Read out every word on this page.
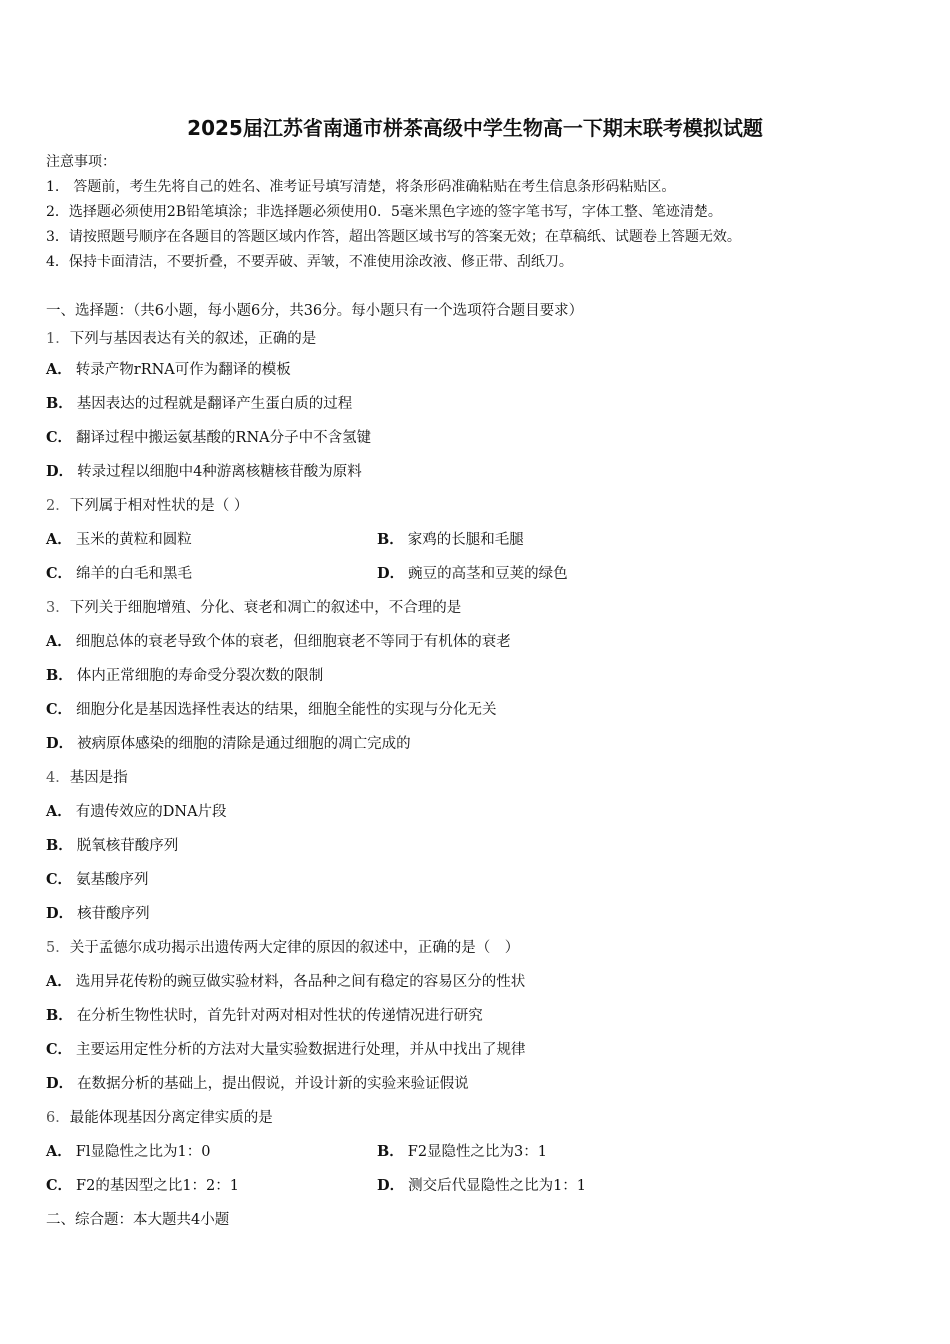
2025届江苏省南通市栟茶高级中学生物高一下期末联考模拟试题
注意事项：
1.　答题前，考生先将自己的姓名、准考证号填写清楚，将条形码准确粘贴在考生信息条形码粘贴区。
2．选择题必须使用2B铅笔填涂；非选择题必须使用0．5毫米黑色字迹的签字笔书写，字体工整、笔迹清楚。
3．请按照题号顺序在各题目的答题区域内作答，超出答题区域书写的答案无效；在草稿纸、试题卷上答题无效。
4．保持卡面清洁，不要折叠，不要弄破、弄皱，不准使用涂改液、修正带、刮纸刀。
一、选择题：（共6小题，每小题6分，共36分。每小题只有一个选项符合题目要求）
1．下列与基因表达有关的叙述，正确的是
A． 转录产物rRNA可作为翻译的模板
B． 基因表达的过程就是翻译产生蛋白质的过程
C． 翻译过程中搬运氨基酸的RNA分子中不含氢键
D． 转录过程以细胞中4种游离核糖核苷酸为原料
2．下列属于相对性状的是（ ）
A． 玉米的黄粒和圆粒	B． 家鸡的长腿和毛腿
C． 绵羊的白毛和黑毛	D． 豌豆的高茎和豆荚的绿色
3．下列关于细胞增殖、分化、衰老和凋亡的叙述中，不合理的是
A． 细胞总体的衰老导致个体的衰老，但细胞衰老不等同于有机体的衰老
B． 体内正常细胞的寿命受分裂次数的限制
C． 细胞分化是基因选择性表达的结果，细胞全能性的实现与分化无关
D． 被病原体感染的细胞的清除是通过细胞的凋亡完成的
4．基因是指
A． 有遗传效应的DNA片段
B． 脱氧核苷酸序列
C． 氨基酸序列
D． 核苷酸序列
5．关于孟德尔成功揭示出遗传两大定律的原因的叙述中，正确的是（　）
A． 选用异花传粉的豌豆做实验材料，各品种之间有稳定的容易区分的性状
B． 在分析生物性状时，首先针对两对相对性状的传递情况进行研究
C． 主要运用定性分析的方法对大量实验数据进行处理，并从中找出了规律
D． 在数据分析的基础上，提出假说，并设计新的实验来验证假说
6．最能体现基因分离定律实质的是
A． Fl显隐性之比为1：0	B． F2显隐性之比为3：1
C． F2的基因型之比1：2：1	D． 测交后代显隐性之比为1：1
二、综合题：本大题共4小题
